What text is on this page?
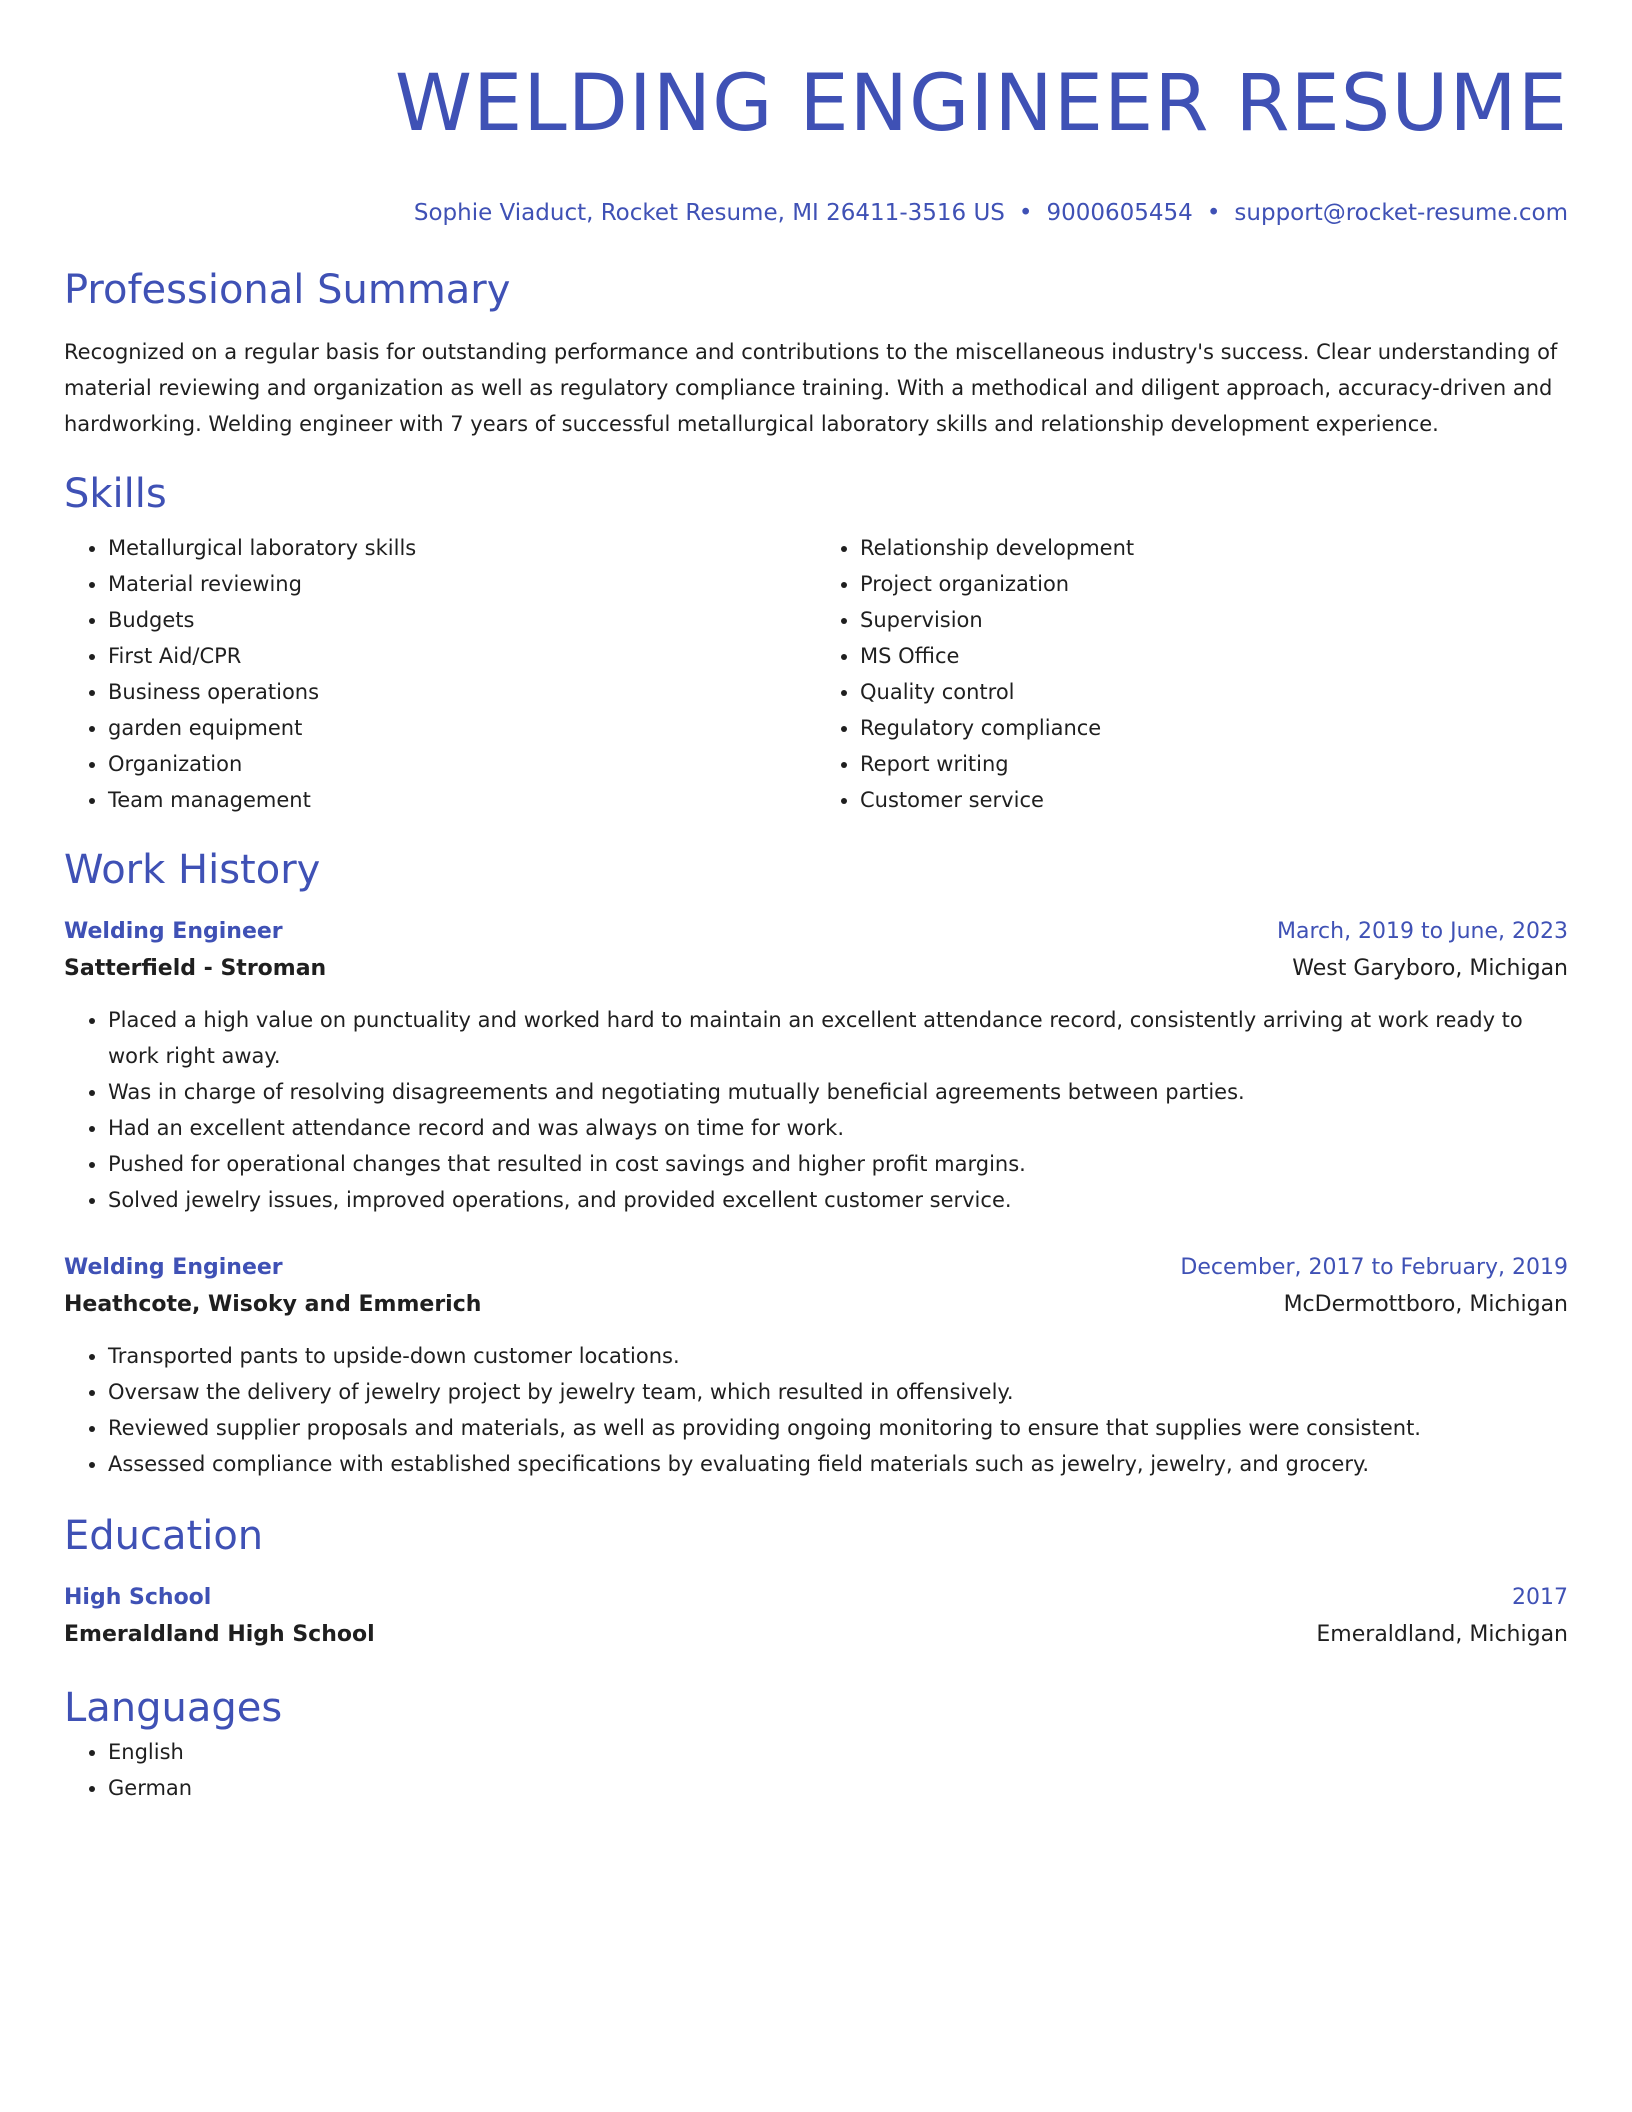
WELDING ENGINEER RESUME
Sophie Viaduct, Rocket Resume, MI 26411-3516 US • 9000605454 • support@rocket-resume.com
Professional Summary

Recognized on a regular basis for outstanding performance and contributions to the miscellaneous industry's success. Clear understanding of material reviewing and organization as well as regulatory compliance training. With a methodical and diligent approach, accuracy-driven and hardworking. Welding engineer with 7 years of successful metallurgical laboratory skills and relationship development experience.

Skills
• Metallurgical laboratory skills
• Material reviewing
• Budgets
• First Aid/CPR
• Business operations
• garden equipment
• Organization
• Team management
• Relationship development
• Project organization
• Supervision
• MS Office
• Quality control
• Regulatory compliance
• Report writing
• Customer service
Work History
Welding Engineer	March, 2019 to June, 2023
Satterfield - Stroman	West Garyboro, Michigan
• Placed a high value on punctuality and worked hard to maintain an excellent attendance record, consistently arriving at work ready to work right away.
• Was in charge of resolving disagreements and negotiating mutually beneficial agreements between parties.
• Had an excellent attendance record and was always on time for work.
• Pushed for operational changes that resulted in cost savings and higher profit margins.
• Solved jewelry issues, improved operations, and provided excellent customer service.
Welding Engineer	December, 2017 to February, 2019
Heathcote, Wisoky and Emmerich	McDermottboro, Michigan
• Transported pants to upside-down customer locations.
• Oversaw the delivery of jewelry project by jewelry team, which resulted in offensively.
• Reviewed supplier proposals and materials, as well as providing ongoing monitoring to ensure that supplies were consistent.
• Assessed compliance with established specifications by evaluating field materials such as jewelry, jewelry, and grocery.
Education
High School	2017
Emeraldland High School	Emeraldland, Michigan
Languages
• English
• German
